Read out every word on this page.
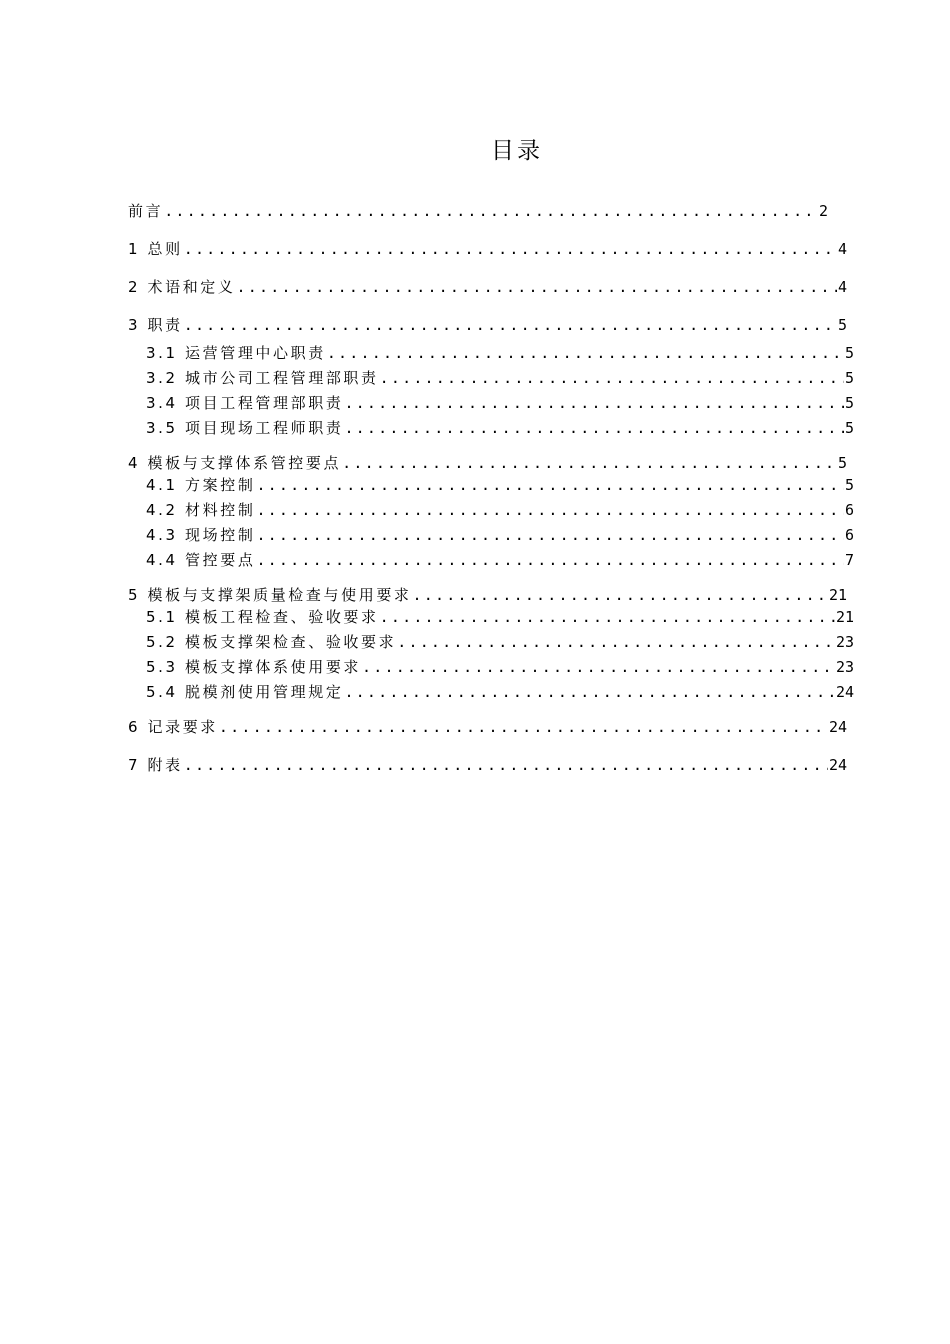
目录
前言 .....	2
1 总则 .....	4
2 术语和定义 .....	4
3 职责 .....	5
3.1 运营管理中心职责 .....	5
3.2 城市公司工程管理部职责 .....	5
3.4 项目工程管理部职责 .....	5
3.5 项目现场工程师职责 .....	5
4 模板与支撑体系管控要点 .....	5
4.1 方案控制 .....	5
4.2 材料控制 .....	6
4.3 现场控制 .....	6
4.4 管控要点 .....	7
5 模板与支撑架质量检查与使用要求 .....	21
5.1 模板工程检查、验收要求 .....	21
5.2 模板支撑架检查、验收要求 .....	23
5.3 模板支撑体系使用要求 .....	23
5.4 脱模剂使用管理规定 .....	24
6 记录要求 .....	24
7 附表 .....	24
